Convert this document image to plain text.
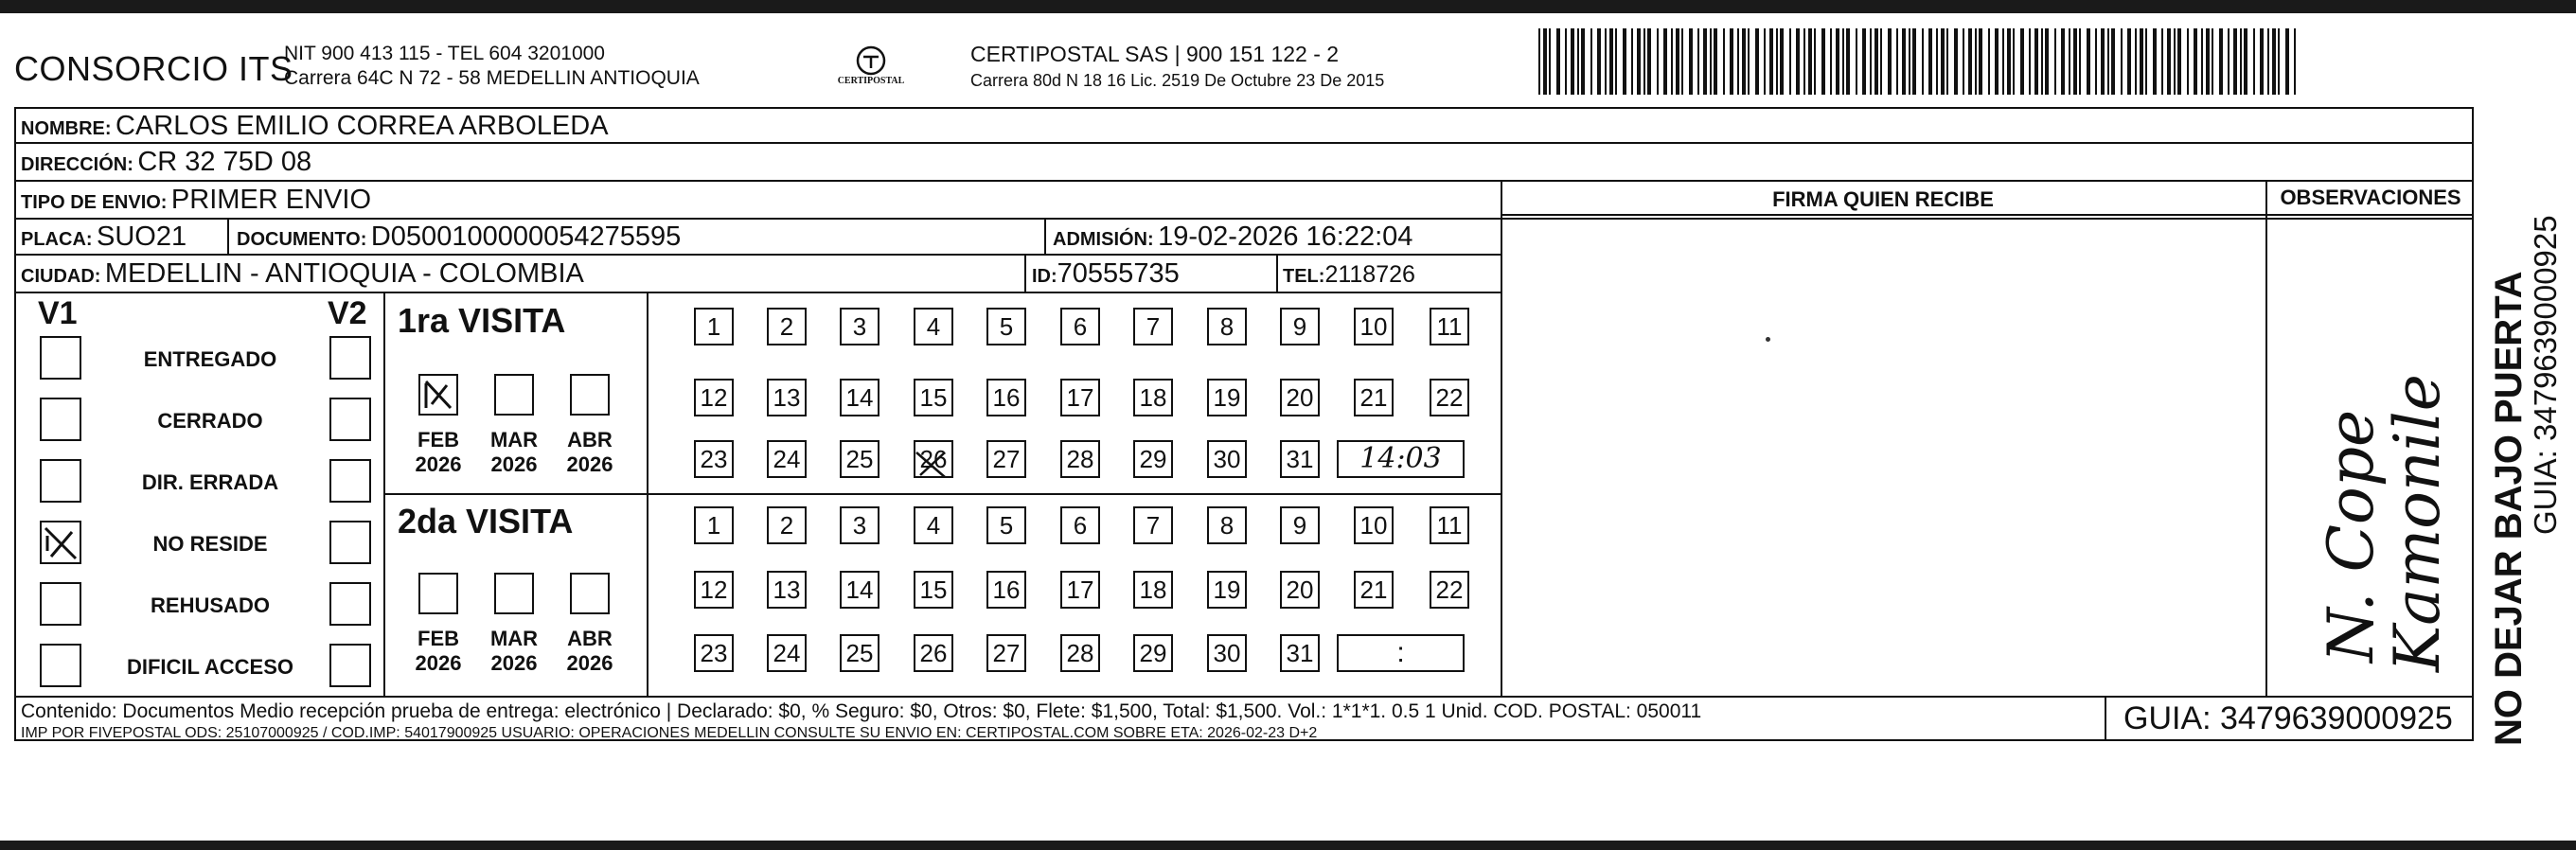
CONSORCIO ITS
NIT 900 413 115 - TEL 604 3201000
Carrera 64C N 72 - 58 MEDELLIN ANTIOQUIA	CERTIPOSTAL
CERTIPOSTAL SAS | 900 151 122 - 2
Carrera 80d N 18 16 Lic. 2519 De Octubre 23 De 2015
NOMBRE: CARLOS EMILIO CORREA ARBOLEDA
DIRECCIÓN: CR 32 75D 08
TIPO DE ENVIO: PRIMER ENVIO
PLACA: SUO21	DOCUMENTO: D0500100000054275595	ADMISIÓN: 19-02-2026 16:22:04
CIUDAD: MEDELLIN - ANTIOQUIA - COLOMBIA	ID:70555735	TEL:2118726
FIRMA QUIEN RECIBE	OBSERVACIONES
V1	V2 1ra VISITA
2da VISITA	N. Cope
Kamonile
Contenido: Documentos Medio recepción prueba de entrega: electrónico | Declarado: $0, % Seguro: $0, Otros: $0, Flete: $1,500, Total: $1,500. Vol.: 1*1*1. 0.5 1 Unid. COD. POSTAL: 050011
IMP POR FIVEPOSTAL ODS: 25107000925 / COD.IMP: 54017900925 USUARIO: OPERACIONES MEDELLIN CONSULTE SU ENVIO EN: CERTIPOSTAL.COM SOBRE ETA: 2026-02-23 D+2	GUIA: 3479639000925 NO DEJAR BAJO PUERTA
GUIA: 3479639000925
ENTREGADO
CERRADO
DIR. ERRADA
NO RESIDE
REHUSADO
DIFICIL ACCESO
FEB
2026
MAR
2026
ABR
2026
FEB
2026
MAR
2026
ABR
2026
1	2	3	4	5	6	7	8	9	10 11
12 13 14 15 16 17 18 19 20 21 22
23 24 25 26 27 28 29 30 31	14:03
1	2	3	4	5	6	7	8	9	10 11
12 13 14 15 16 17 18 19 20 21 22
23 24 25 26 27 28 29 30 31	:
